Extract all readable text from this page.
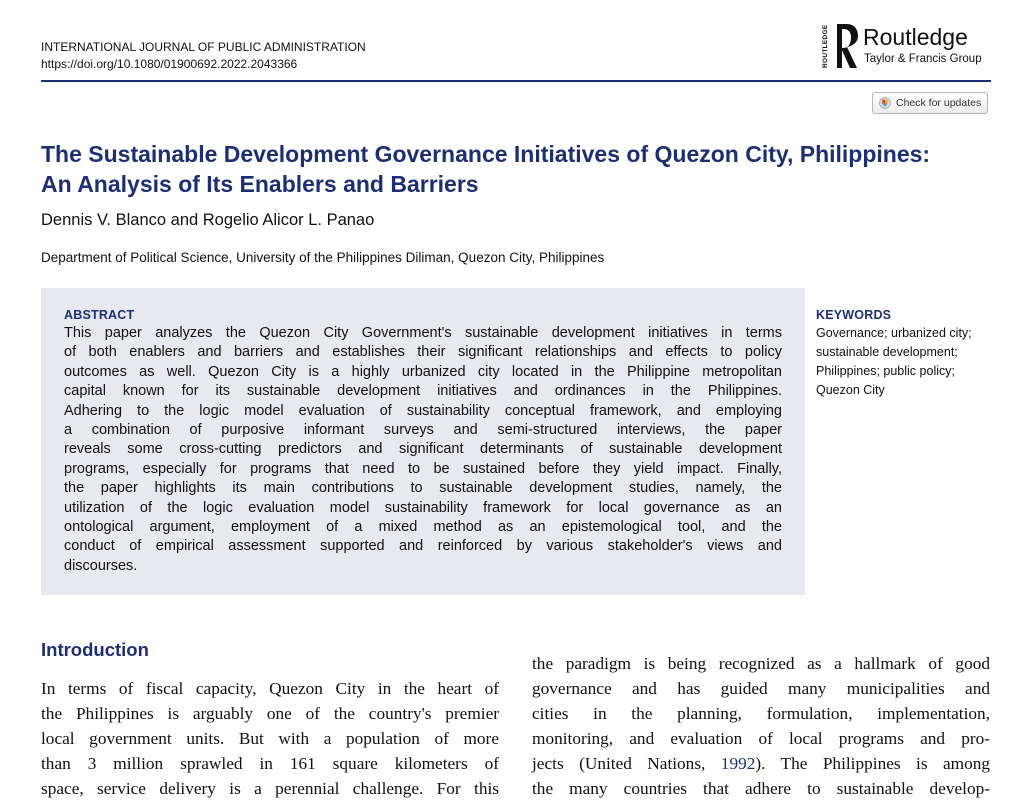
INTERNATIONAL JOURNAL OF PUBLIC ADMINISTRATION
https://doi.org/10.1080/01900692.2022.2043366	ROUTLEDGE Routledge
Taylor & Francis Group
Check for updates
The Sustainable Development Governance Initiatives of Quezon City, Philippines:
An Analysis of Its Enablers and Barriers
Dennis V. Blanco and Rogelio Alicor L. Panao
Department of Political Science, University of the Philippines Diliman, Quezon City, Philippines
ABSTRACT

This paper analyzes the Quezon City Government's sustainable development initiatives in terms
of both enablers and barriers and establishes their significant relationships and effects to policy
outcomes as well. Quezon City is a highly urbanized city located in the Philippine metropolitan
capital known for its sustainable development initiatives and ordinances in the Philippines.
Adhering to the logic model evaluation of sustainability conceptual framework, and employing
a combination of purposive informant surveys and semi-structured interviews, the paper
reveals some cross-cutting predictors and significant determinants of sustainable development
programs, especially for programs that need to be sustained before they yield impact. Finally,
the paper highlights its main contributions to sustainable development studies, namely, the
utilization of the logic evaluation model sustainability framework for local governance as an
ontological argument, employment of a mixed method as an epistemological tool, and the
conduct of empirical assessment supported and reinforced by various stakeholder's views and
discourses.

KEYWORDS
Governance; urbanized city;
sustainable development;
Philippines; public policy;
Quezon City
Introduction

In terms of fiscal capacity, Quezon City in the heart of
the Philippines is arguably one of the country's premier
local government units. But with a population of more
than 3 million sprawled in 161 square kilometers of
space, service delivery is a perennial challenge. For this

the paradigm is being recognized as a hallmark of good
governance and has guided many municipalities and
cities in the planning, formulation, implementation,
monitoring, and evaluation of local programs and pro-
jects (United Nations, 1992). The Philippines is among
the many countries that adhere to sustainable develop-
